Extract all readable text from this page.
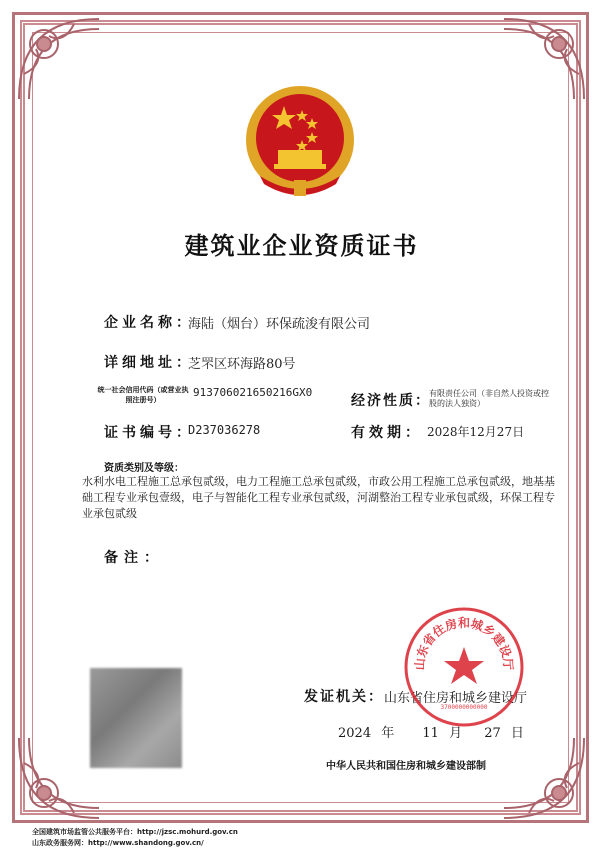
建筑业企业资质证书
企业名称：
海陆（烟台）环保疏浚有限公司
详细地址：
芝罘区环海路80号
统一社会信用代码（或营业执照注册号）
913706021650216GX0
经济性质：
有限责任公司（非自然人投资或控股的法人独资）
证书编号：
D237036278	有效期： 2028年12月27日
资质类别及等级：
水利水电工程施工总承包贰级，电力工程施工总承包贰级，市政公用工程施工总承包贰级，地基基础工程专业承包壹级，电子与智能化工程专业承包贰级，河湖整治工程专业承包贰级，环保工程专业承包贰级
备注：
发证机关： 山东省住房和城乡建设厅
山东省住房和城乡建设厅
3700000000000
2024 年 11 月 27 日
中华人民共和国住房和城乡建设部制
全国建筑市场监管公共服务平台：http://jzsc.mohurd.gov.cn
山东政务服务网：http://www.shandong.gov.cn/
